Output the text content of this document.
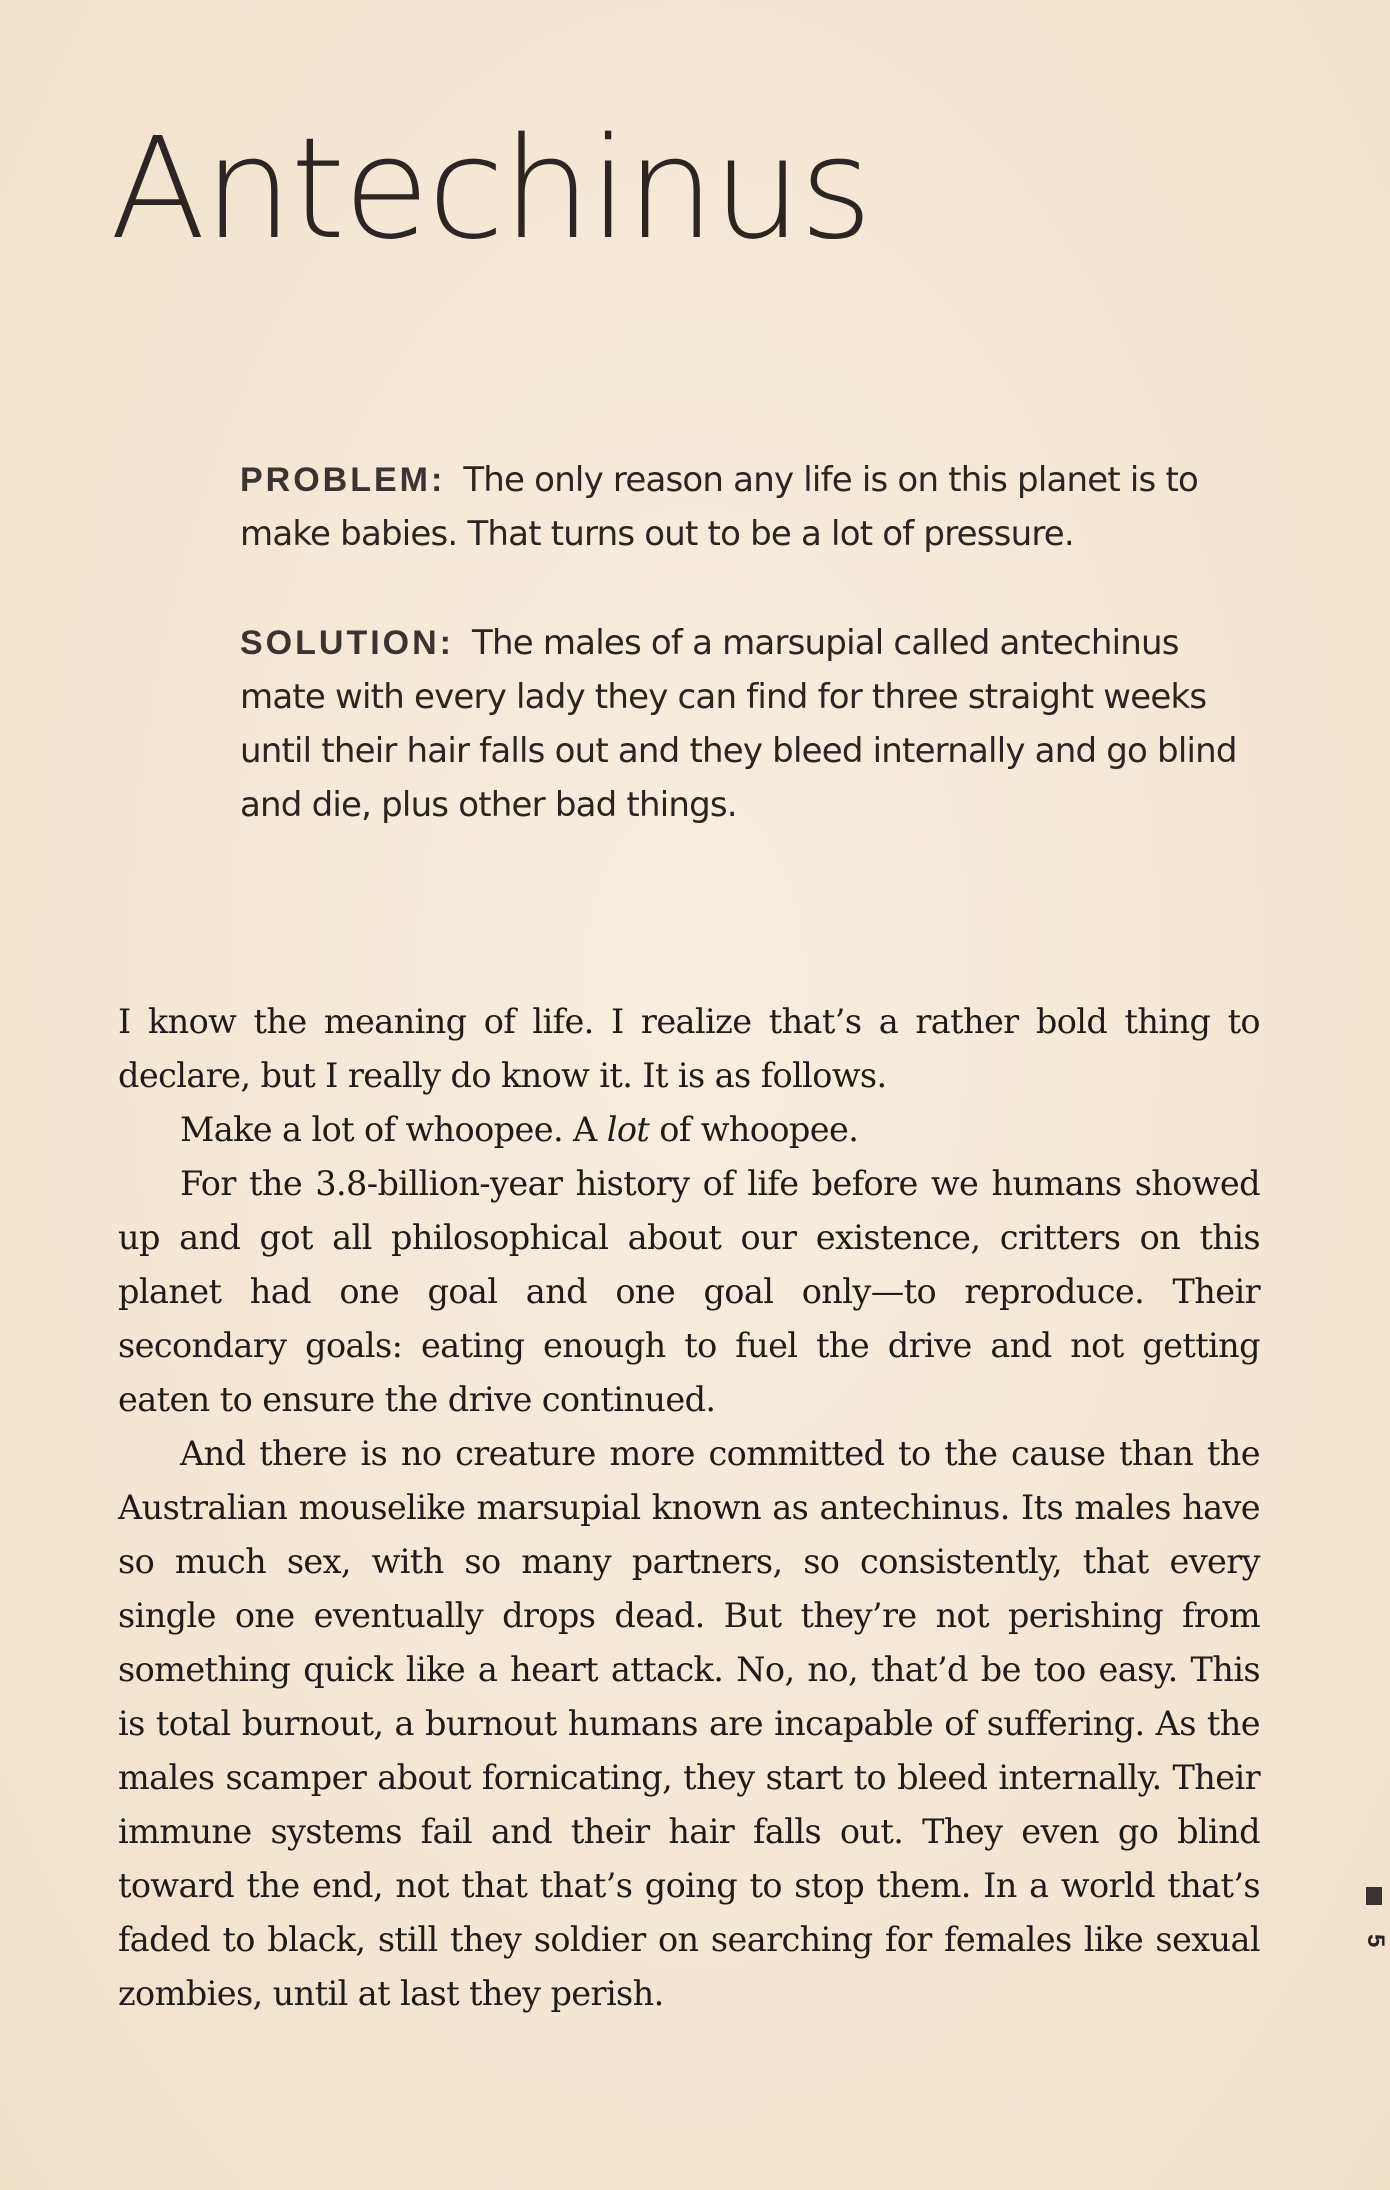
Antechinus
PROBLEM: The only reason any life is on this planet is to make babies. That turns out to be a lot of pressure.
SOLUTION: The males of a marsupial called antechinus mate with every lady they can find for three straight weeks until their hair falls out and they bleed internally and go blind and die, plus other bad things.

I know the meaning of life. I realize that’s a rather bold thing to declare, but I really do know it. It is as follows.

Make a lot of whoopee. A lot of whoopee.

For the 3.8-billion-year history of life before we humans showed up and got all philosophical about our existence, critters on this planet had one goal and one goal only—to reproduce. Their secondary goals: eating enough to fuel the drive and not getting eaten to ensure the drive continued.

And there is no creature more committed to the cause than the Australian mouselike marsupial known as antechinus. Its males have so much sex, with so many partners, so consistently, that every single one eventually drops dead. But they’re not perishing from something quick like a heart attack. No, no, that’d be too easy. This is total burnout, a burnout humans are incapable of suffering. As the males scamper about fornicating, they start to bleed internally. Their immune systems fail and their hair falls out. They even go blind toward the end, not that that’s going to stop them. In a world that’s faded to black, still they soldier on searching for females like sexual zombies, until at last they perish.

5
